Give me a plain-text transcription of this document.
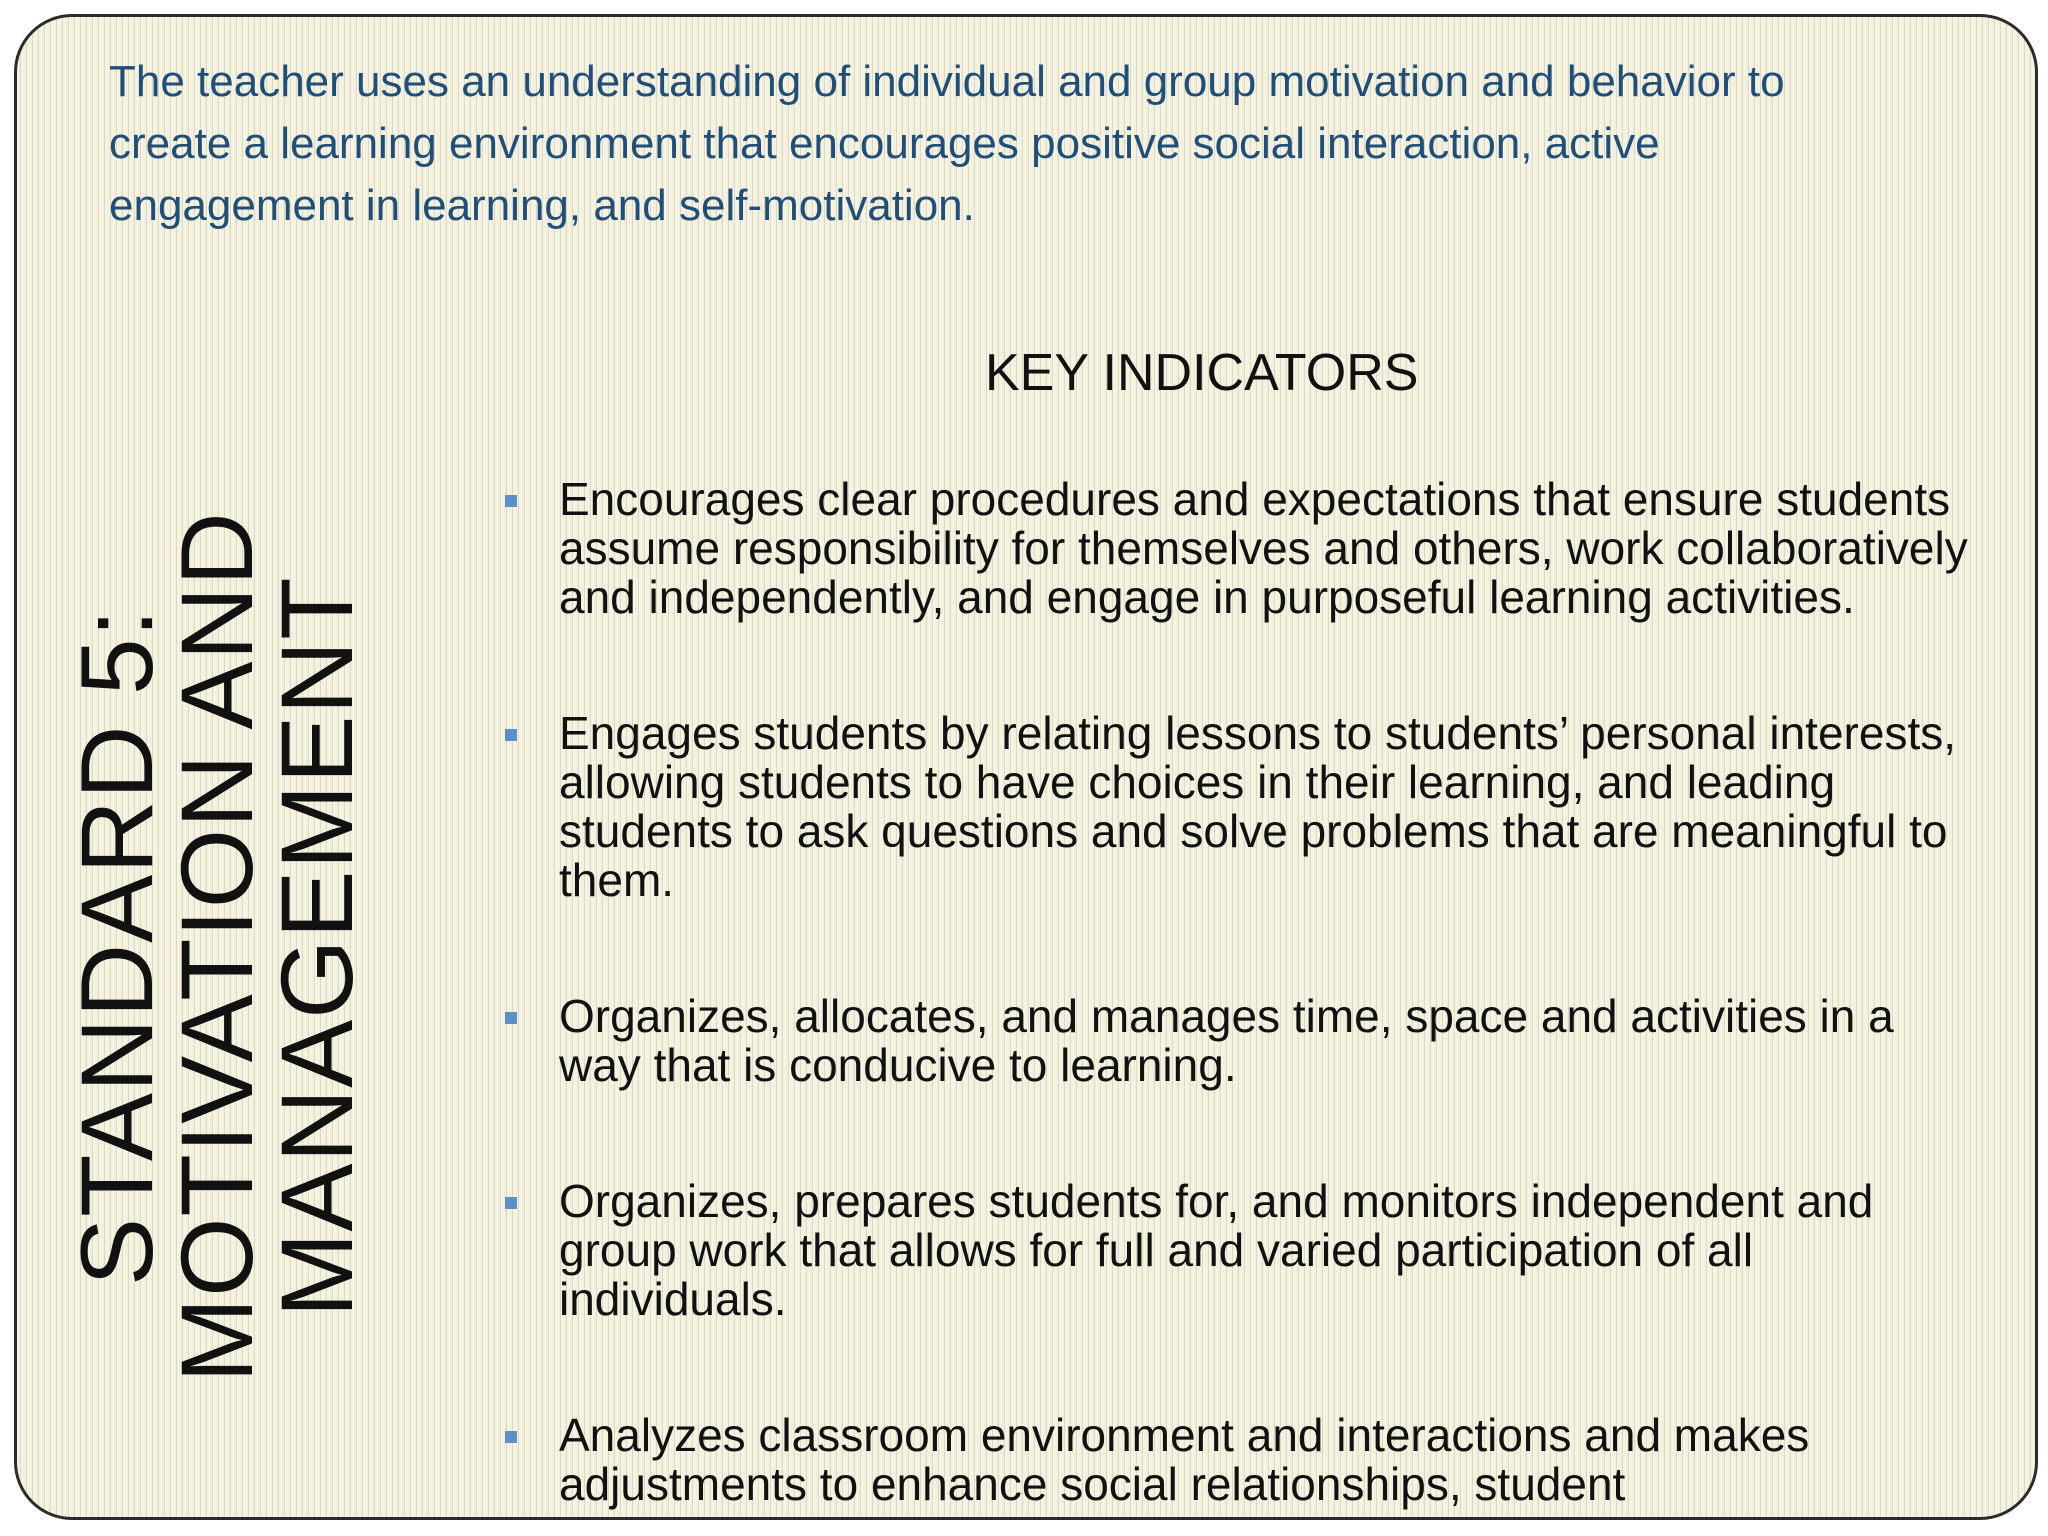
The teacher uses an understanding of individual and group motivation and behavior to create a learning environment that encourages positive social interaction, active engagement in learning, and self-motivation.

STANDARD 5:
MOTIVATION AND
MANAGEMENT
KEY INDICATORS
Encourages clear procedures and expectations that ensure students assume responsibility for themselves and others, work collaboratively and independently, and engage in purposeful learning activities.
Engages students by relating lessons to students’ personal interests, allowing students to have choices in their learning, and leading students to ask questions and solve problems that are meaningful to them.
Organizes, allocates, and manages time, space and activities in a way that is conducive to learning.
Organizes, prepares students for, and monitors independent and group work that allows for full and varied participation of all individuals.
Analyzes classroom environment and interactions and makes adjustments to enhance social relationships, student
